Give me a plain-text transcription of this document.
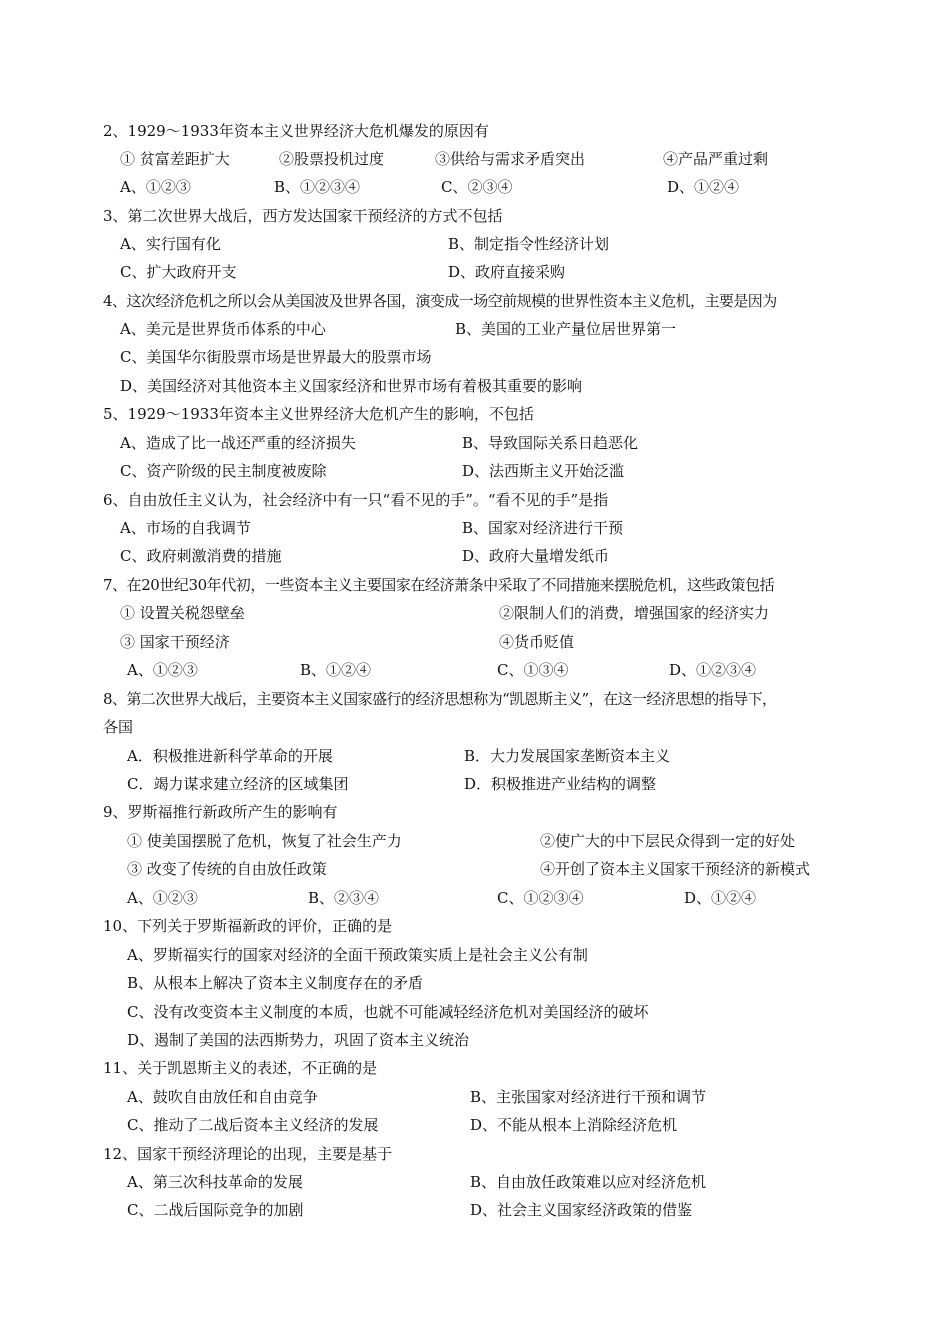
2、1929～1933年资本主义世界经济大危机爆发的原因有
① 贫富差距扩大	②股票投机过度	③供给与需求矛盾突出	④产品严重过剩
A、①②③	B、①②③④	C、②③④	D、①②④
3、第二次世界大战后，西方发达国家干预经济的方式不包括
A、实行国有化	B、制定指令性经济计划
C、扩大政府开支	D、政府直接采购
4、这次经济危机之所以会从美国波及世界各国，演变成一场空前规模的世界性资本主义危机，主要是因为
A、美元是世界货币体系的中心	B、美国的工业产量位居世界第一
C、美国华尔街股票市场是世界最大的股票市场
D、美国经济对其他资本主义国家经济和世界市场有着极其重要的影响
5、1929～1933年资本主义世界经济大危机产生的影响，不包括
A、造成了比一战还严重的经济损失	B、导致国际关系日趋恶化
C、资产阶级的民主制度被废除	D、法西斯主义开始泛滥
6、自由放任主义认为，社会经济中有一只“看不见的手”。“看不见的手”是指
A、市场的自我调节	B、国家对经济进行干预
C、政府刺激消费的措施	D、政府大量增发纸币
7、在20世纪30年代初，一些资本主义主要国家在经济萧条中采取了不同措施来摆脱危机，这些政策包括
① 设置关税怨壁垒	②限制人们的消费，增强国家的经济实力
③ 国家干预经济	④货币贬值
A、①②③	B、①②④	C、①③④	D、①②③④
8、第二次世界大战后，主要资本主义国家盛行的经济思想称为“凯恩斯主义”，在这一经济思想的指导下，
各国
A．积极推进新科学革命的开展	B．大力发展国家垄断资本主义
C．竭力谋求建立经济的区域集团	D．积极推进产业结构的调整
9、罗斯福推行新政所产生的影响有
① 使美国摆脱了危机，恢复了社会生产力	②使广大的中下层民众得到一定的好处
③ 改变了传统的自由放任政策	④开创了资本主义国家干预经济的新模式
A、①②③	B、②③④	C、①②③④	D、①②④
10、下列关于罗斯福新政的评价，正确的是
A、罗斯福实行的国家对经济的全面干预政策实质上是社会主义公有制
B、从根本上解决了资本主义制度存在的矛盾
C、没有改变资本主义制度的本质，也就不可能减轻经济危机对美国经济的破坏
D、遏制了美国的法西斯势力，巩固了资本主义统治
11、关于凯恩斯主义的表述，不正确的是
A、鼓吹自由放任和自由竞争	B、主张国家对经济进行干预和调节
C、推动了二战后资本主义经济的发展	D、不能从根本上消除经济危机
12、国家干预经济理论的出现，主要是基于
A、第三次科技革命的发展	B、自由放任政策难以应对经济危机
C、二战后国际竞争的加剧	D、社会主义国家经济政策的借鉴
